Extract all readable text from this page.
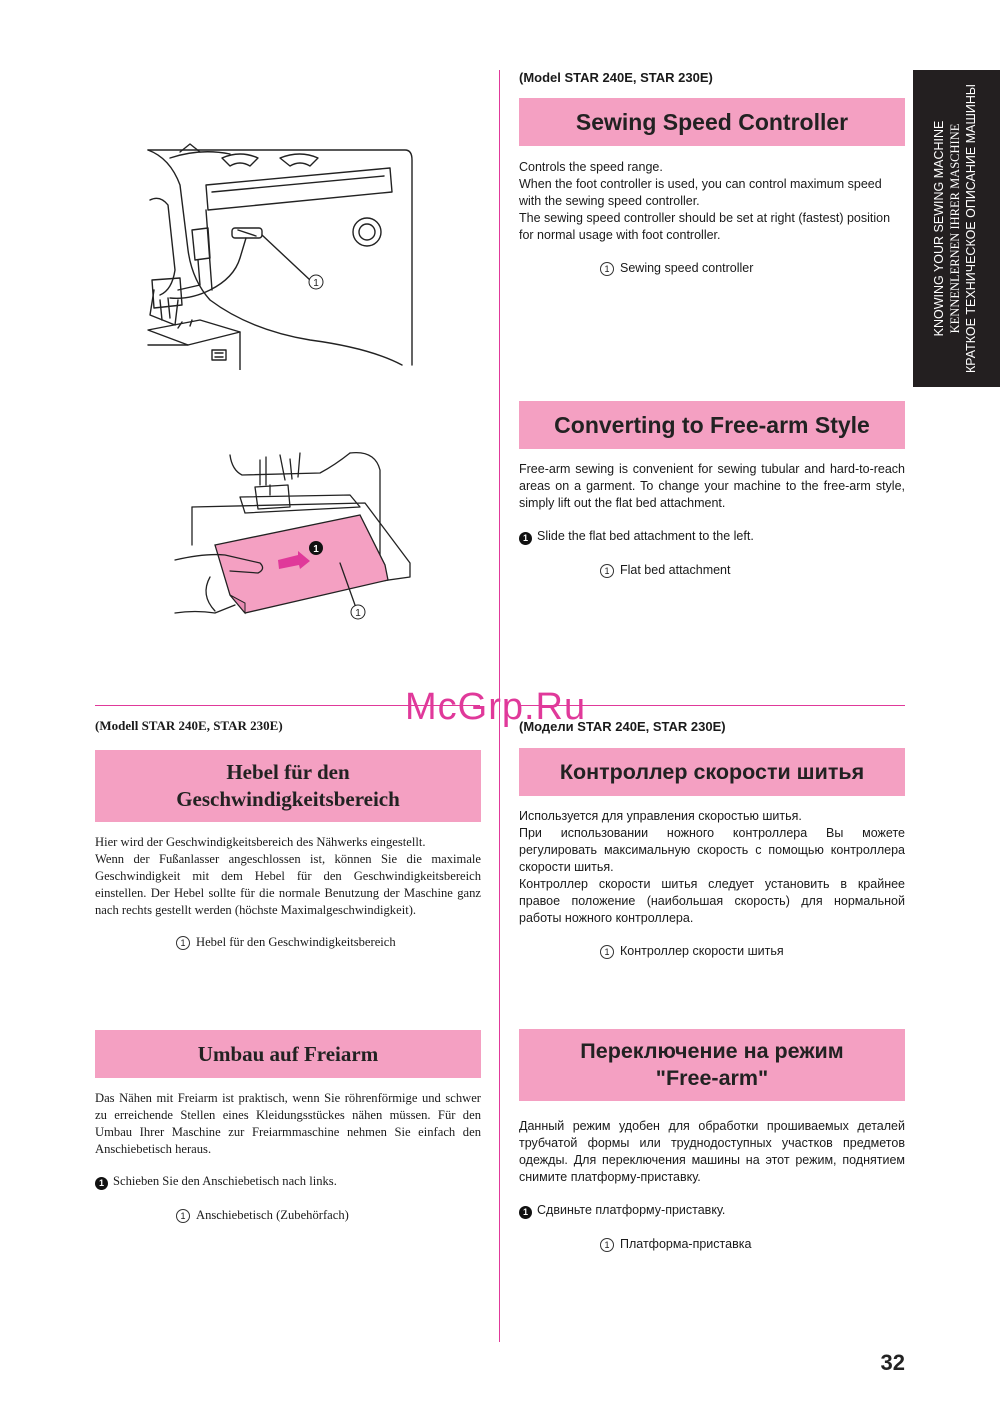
KNOWING YOUR SEWING MACHINE KENNENLERNEN IHRER MASCHINE КРАТКОЕ ТЕХНИЧЕСКОЕ ОПИСАНИЕ МАШИНЫ
1
1
1
(Model STAR 240E, STAR 230E)
Sewing Speed Controller

Controls the speed range.

When the foot controller is used, you can control maximum speed with the sewing speed controller.

The sewing speed controller should be set at right (fastest) position for normal usage with foot controller.

1 Sewing speed controller
Converting to Free-arm Style

Free-arm sewing is convenient for sewing tubular and hard-to-reach areas on a garment. To change your machine to the free-arm style, simply lift out the flat bed attachment.

1 Slide the flat bed attachment to the left.
1 Flat bed attachment
(Modell STAR 240E, STAR 230E)
Hebel für den
Geschwindigkeitsbereich

Hier wird der Geschwindigkeitsbereich des Nähwerks eingestellt.

Wenn der Fußanlasser angeschlossen ist, können Sie die maximale Geschwindigkeit mit dem Hebel für den Geschwindigkeitsbereich einstellen. Der Hebel sollte für die normale Benutzung der Maschine ganz nach rechts gestellt werden (höchste Maximalgeschwindigkeit).

1 Hebel für den Geschwindigkeitsbereich
Umbau auf Freiarm

Das Nähen mit Freiarm ist praktisch, wenn Sie röhrenförmige und schwer zu erreichende Stellen eines Kleidungsstückes nähen müssen. Für den Umbau Ihrer Maschine zur Freiarmmaschine nehmen Sie einfach den Anschiebetisch heraus.

1 Schieben Sie den Anschiebetisch nach links.
1 Anschiebetisch (Zubehörfach)
(Модели STAR 240E, STAR 230E)
Контроллер скорости шитья

Используется для управления скоростью шитья.

При использовании ножного контроллера Вы можете регулировать максимальную скорость с помощью контроллера скорости шитья.

Контроллер скорости шитья следует установить в крайнее правое положение (наибольшая скорость) для нормальной работы ножного контроллера.

1 Контроллер скорости шитья
Переключение на режим
"Free-arm"

Данный режим удобен для обработки прошиваемых деталей трубчатой формы или труднодоступных участков предметов одежды. Для переключения машины на этот режим, поднятием снимите платформу-приставку.

1 Сдвиньте платформу-приставку.
1 Платформа-приставка
McGrp.Ru
32
